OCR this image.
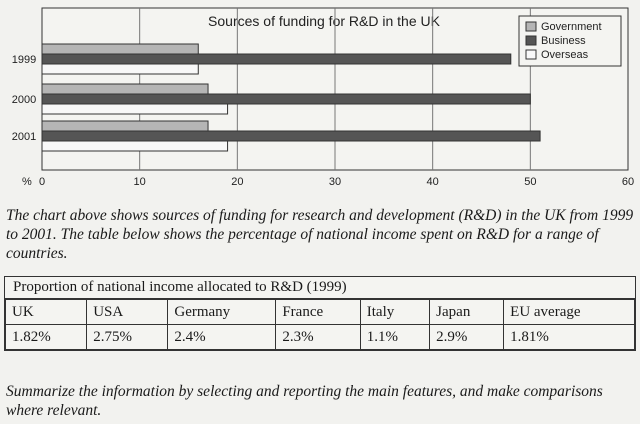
Sources of funding for R&D in the UK
1999
2000
2001
0	10	20	30	40	50	60
%
Government
Business
Overseas

The chart above shows sources of funding for research and development (R&D) in the UK from 1999 to 2001. The table below shows the percentage of national income spent on R&D for a range of countries.

Proportion of national income allocated to R&D (1999)
UK	USA	Germany	France	Italy	Japan	EU average
1.82%	2.75%	2.4%	2.3%	1.1%	2.9%	1.81%

Summarize the information by selecting and reporting the main features, and make comparisons where relevant.
